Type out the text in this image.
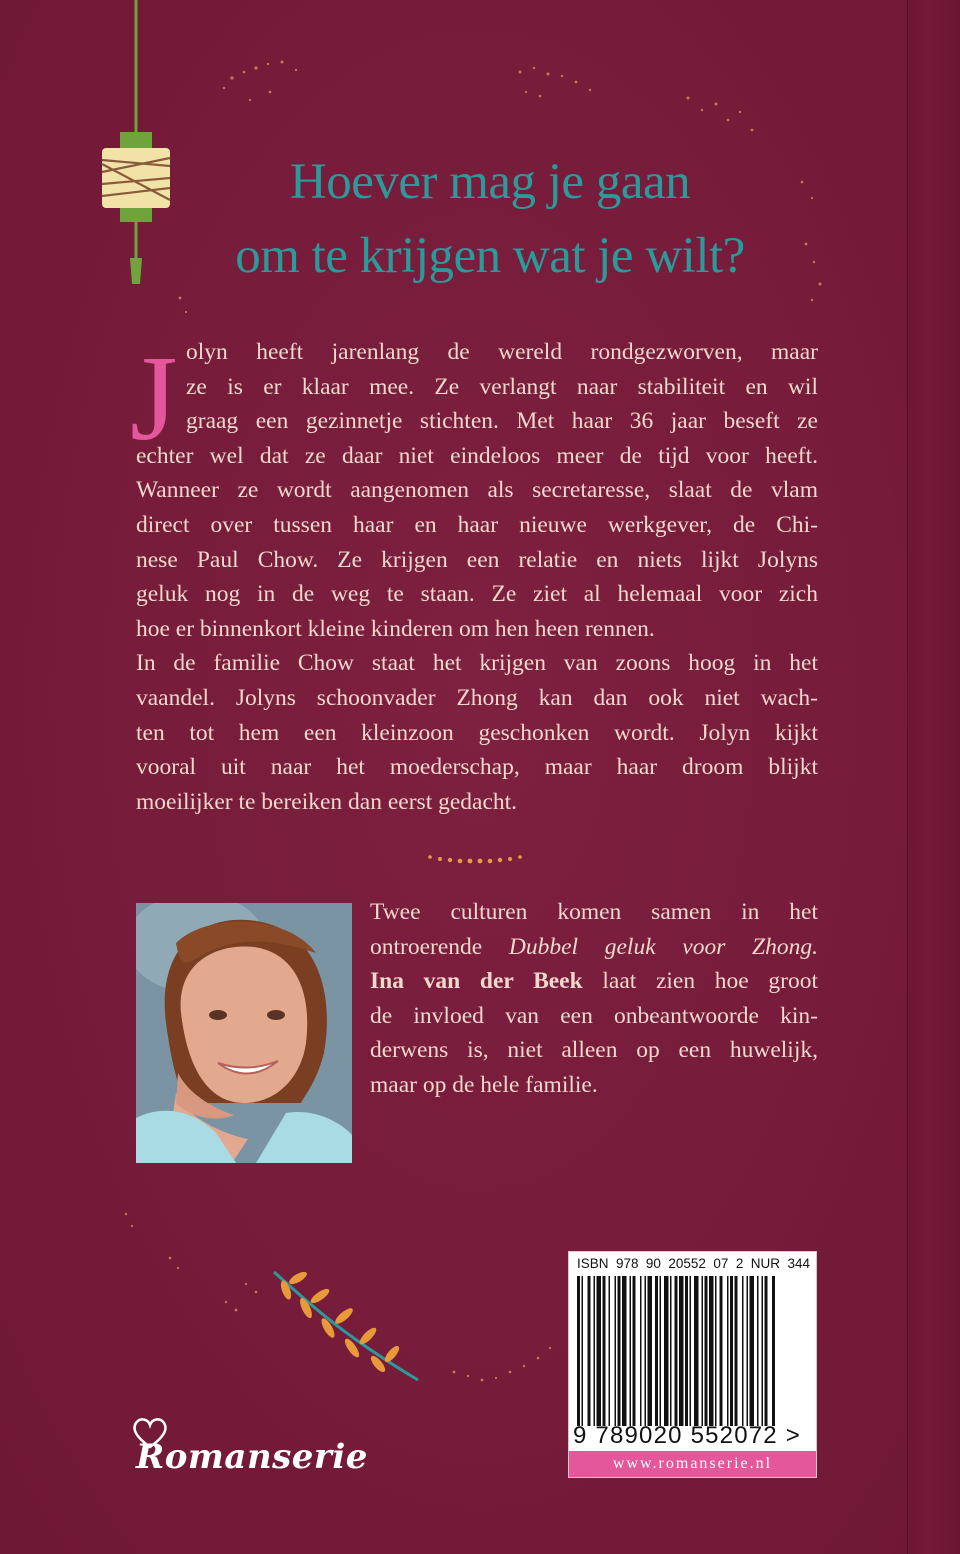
Hoever mag je gaan
om te krijgen wat je wilt?
J olyn heeft jarenlang de wereld rondgezworven, maar
ze is er klaar mee. Ze verlangt naar stabiliteit en wil
graag een gezinnetje stichten. Met haar 36 jaar beseft ze
echter wel dat ze daar niet eindeloos meer de tijd voor heeft.
Wanneer ze wordt aangenomen als secretaresse, slaat de vlam
direct over tussen haar en haar nieuwe werkgever, de Chi-
nese Paul Chow. Ze krijgen een relatie en niets lijkt Jolyns
geluk nog in de weg te staan. Ze ziet al helemaal voor zich
hoe er binnenkort kleine kinderen om hen heen rennen.
In de familie Chow staat het krijgen van zoons hoog in het
vaandel. Jolyns schoonvader Zhong kan dan ook niet wach-
ten tot hem een kleinzoon geschonken wordt. Jolyn kijkt
vooral uit naar het moederschap, maar haar droom blijkt
moeilijker te bereiken dan eerst gedacht.
Twee culturen komen samen in het
ontroerende Dubbel geluk voor Zhong.
Ina van der Beek laat zien hoe groot
de invloed van een onbeantwoorde kin-
derwens is, niet alleen op een huwelijk,
maar op de hele familie.
Romanserie
ISBN 978 90 20552 07 2 NUR 344
9 789020 552072 >
www.romanserie.nl
